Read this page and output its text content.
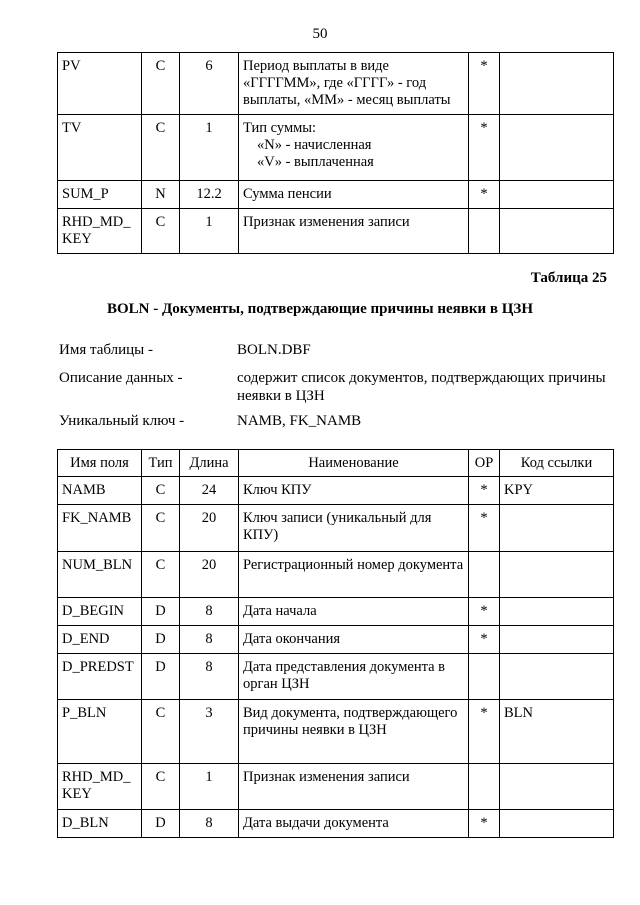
50
PV	C	6	Период выплаты в виде «ГГГГММ», где «ГГГГ» - год выплаты, «ММ» - месяц выплаты	*	
TV	C	1	Тип суммы:
«N» - начисленная
«V» - выплаченная	*	
SUM_P	N	12.2	Сумма пенсии	*	
RHD_MD_ KEY	C	1	Признак изменения записи		
Таблица 25
BOLN - Документы, подтверждающие причины неявки в ЦЗН
Имя таблицы -	BOLN.DBF
Описание данных -	содержит список документов, подтверждающих причины неявки в ЦЗН
Уникальный ключ -	NAMB, FK_NAMB
Имя поля	Тип	Длина	Наименование	ОР	Код ссылки
NAMB	C	24	Ключ КПУ	*	KPY
FK_NAMB	C	20	Ключ записи (уникальный для КПУ)	*	
NUM_BLN	C	20	Регистрационный номер документа		
D_BEGIN	D	8	Дата начала	*	
D_END	D	8	Дата окончания	*	
D_PREDST	D	8	Дата представления документа в орган ЦЗН		
P_BLN	C	3	Вид документа, подтверждающего причины неявки в ЦЗН	*	BLN
RHD_MD_ KEY	C	1	Признак изменения записи		
D_BLN	D	8	Дата выдачи документа	*	
